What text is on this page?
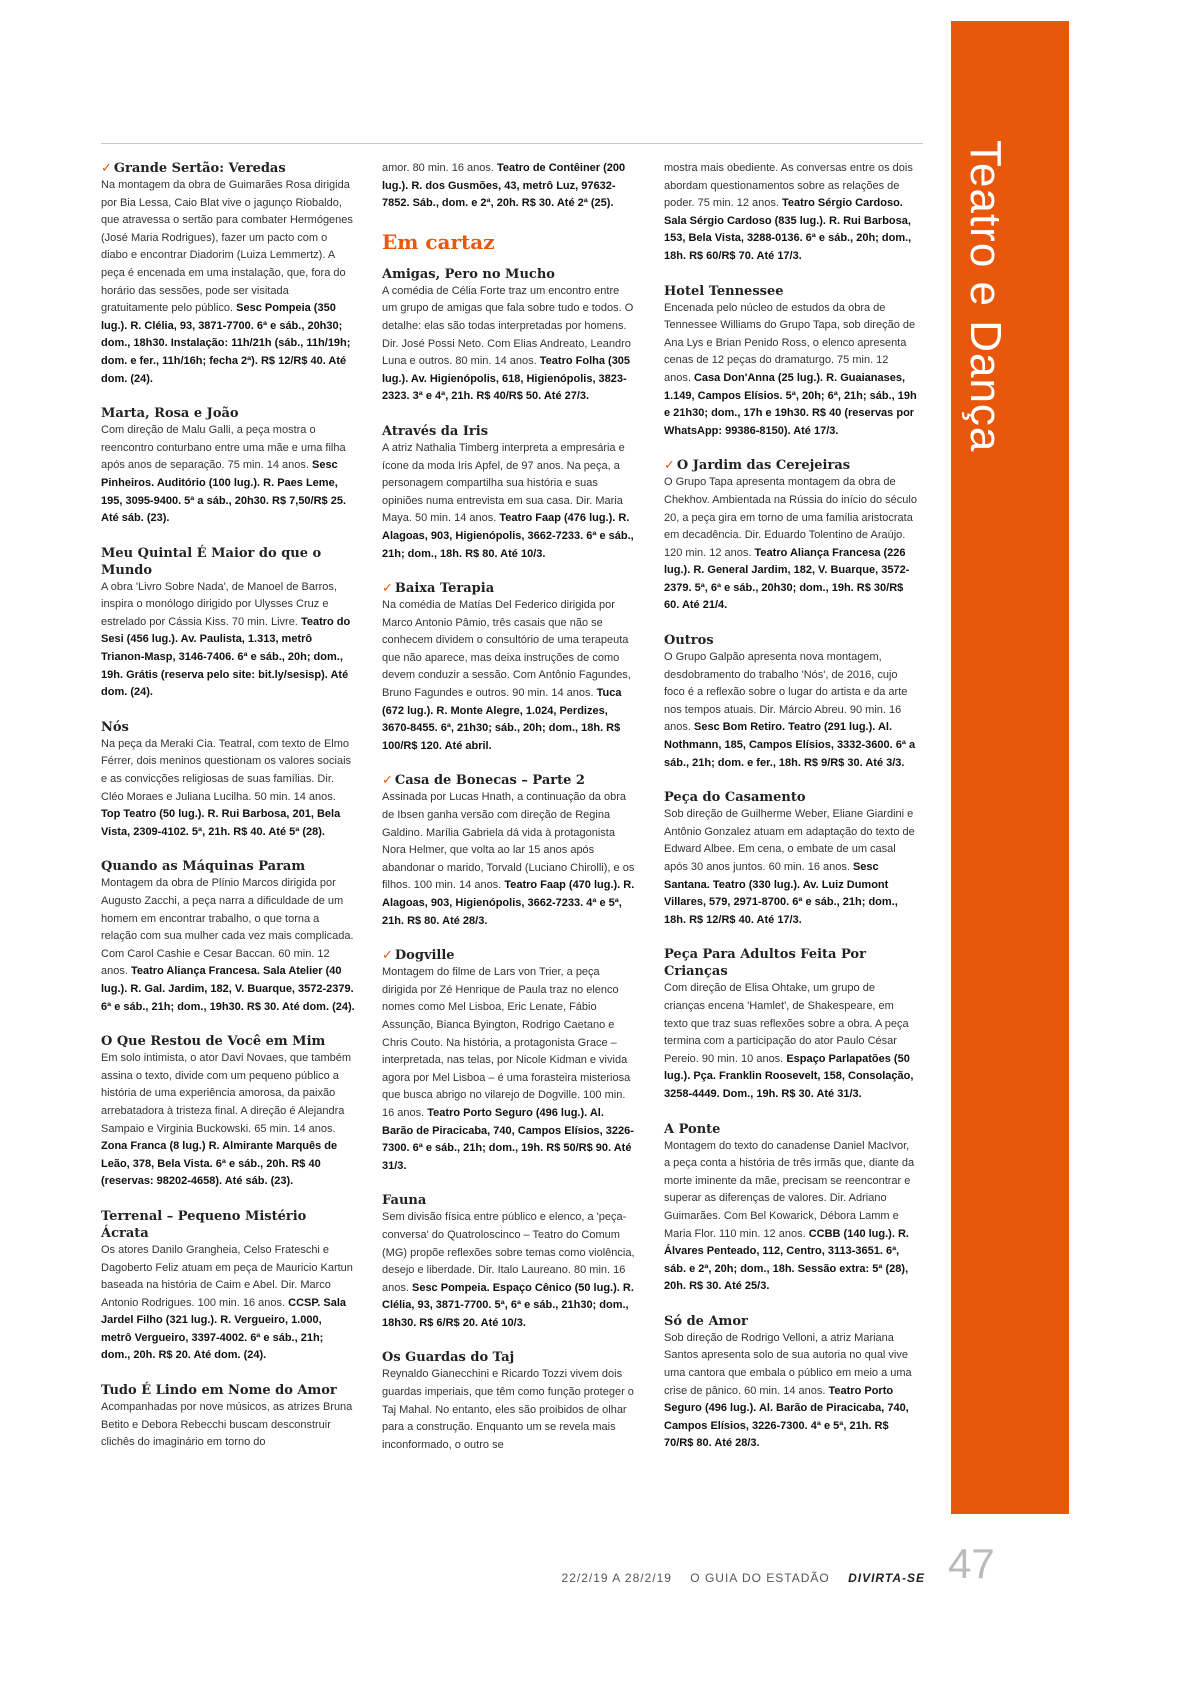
Teatro e Dança

✓ Grande Sertão: Veredas

Na montagem da obra de Guimarães Rosa dirigida por Bia Lessa, Caio Blat vive o jagunço Riobaldo, que atravessa o sertão para combater Hermógenes (José Maria Rodrigues), fazer um pacto com o diabo e encontrar Diadorim (Luiza Lemmertz). A peça é encenada em uma instalação, que, fora do horário das sessões, pode ser visitada gratuitamente pelo público. Sesc Pompeia (350 lug.). R. Clélia, 93, 3871-7700. 6ª e sáb., 20h30; dom., 18h30. Instalação: 11h/21h (sáb., 11h/19h; dom. e fer., 11h/16h; fecha 2ª). R$ 12/R$ 40. Até dom. (24).

Marta, Rosa e João

Com direção de Malu Galli, a peça mostra o reencontro conturbano entre uma mãe e uma filha após anos de separação. 75 min. 14 anos. Sesc Pinheiros. Auditório (100 lug.). R. Paes Leme, 195, 3095-9400. 5ª a sáb., 20h30. R$ 7,50/R$ 25. Até sáb. (23).

Meu Quintal É Maior do que o Mundo

A obra 'Livro Sobre Nada', de Manoel de Barros, inspira o monólogo dirigido por Ulysses Cruz e estrelado por Cássia Kiss. 70 min. Livre. Teatro do Sesi (456 lug.). Av. Paulista, 1.313, metrô Trianon-Masp, 3146-7406. 6ª e sáb., 20h; dom., 19h. Grátis (reserva pelo site: bit.ly/sesisp). Até dom. (24).

Nós

Na peça da Meraki Cia. Teatral, com texto de Elmo Férrer, dois meninos questionam os valores sociais e as convicções religiosas de suas famílias. Dir. Cléo Moraes e Juliana Lucilha. 50 min. 14 anos. Top Teatro (50 lug.). R. Rui Barbosa, 201, Bela Vista, 2309-4102. 5ª, 21h. R$ 40. Até 5ª (28).

Quando as Máquinas Param

Montagem da obra de Plínio Marcos dirigida por Augusto Zacchi, a peça narra a dificuldade de um homem em encontrar trabalho, o que torna a relação com sua mulher cada vez mais complicada. Com Carol Cashie e Cesar Baccan. 60 min. 12 anos. Teatro Aliança Francesa. Sala Atelier (40 lug.). R. Gal. Jardim, 182, V. Buarque, 3572-2379. 6ª e sáb., 21h; dom., 19h30. R$ 30. Até dom. (24).

O Que Restou de Você em Mim

Em solo intimista, o ator Davi Novaes, que também assina o texto, divide com um pequeno público a história de uma experiência amorosa, da paixão arrebatadora à tristeza final. A direção é Alejandra Sampaio e Virginia Buckowski. 65 min. 14 anos. Zona Franca (8 lug.) R. Almirante Marquês de Leão, 378, Bela Vista. 6ª e sáb., 20h. R$ 40 (reservas: 98202-4658). Até sáb. (23).

Terrenal – Pequeno Mistério Ácrata

Os atores Danilo Grangheia, Celso Frateschi e Dagoberto Feliz atuam em peça de Mauricio Kartun baseada na história de Caim e Abel. Dir. Marco Antonio Rodrigues. 100 min. 16 anos. CCSP. Sala Jardel Filho (321 lug.). R. Vergueiro, 1.000, metrô Vergueiro, 3397-4002. 6ª e sáb., 21h; dom., 20h. R$ 20. Até dom. (24).

Tudo É Lindo em Nome do Amor

Acompanhadas por nove músicos, as atrizes Bruna Betito e Debora Rebecchi buscam desconstruir clichês do imaginário em torno do

amor. 80 min. 16 anos. Teatro de Contêiner (200 lug.). R. dos Gusmões, 43, metrô Luz, 97632-7852. Sáb., dom. e 2ª, 20h. R$ 30. Até 2ª (25).

Em cartaz

Amigas, Pero no Mucho

A comédia de Célia Forte traz um encontro entre um grupo de amigas que fala sobre tudo e todos. O detalhe: elas são todas interpretadas por homens. Dir. José Possi Neto. Com Elias Andreato, Leandro Luna e outros. 80 min. 14 anos. Teatro Folha (305 lug.). Av. Higienópolis, 618, Higienópolis, 3823-2323. 3ª e 4ª, 21h. R$ 40/R$ 50. Até 27/3.

Através da Iris

A atriz Nathalia Timberg interpreta a empresária e ícone da moda Iris Apfel, de 97 anos. Na peça, a personagem compartilha sua história e suas opiniões numa entrevista em sua casa. Dir. Maria Maya. 50 min. 14 anos. Teatro Faap (476 lug.). R. Alagoas, 903, Higienópolis, 3662-7233. 6ª e sáb., 21h; dom., 18h. R$ 80. Até 10/3.

✓ Baixa Terapia

Na comédia de Matías Del Federico dirigida por Marco Antonio Pâmio, três casais que não se conhecem dividem o consultório de uma terapeuta que não aparece, mas deixa instruções de como devem conduzir a sessão. Com Antônio Fagundes, Bruno Fagundes e outros. 90 min. 14 anos. Tuca (672 lug.). R. Monte Alegre, 1.024, Perdizes, 3670-8455. 6ª, 21h30; sáb., 20h; dom., 18h. R$ 100/R$ 120. Até abril.

✓ Casa de Bonecas – Parte 2

Assinada por Lucas Hnath, a continuação da obra de Ibsen ganha versão com direção de Regina Galdino. Marília Gabriela dá vida à protagonista Nora Helmer, que volta ao lar 15 anos após abandonar o marido, Torvald (Luciano Chirolli), e os filhos. 100 min. 14 anos. Teatro Faap (470 lug.). R. Alagoas, 903, Higienópolis, 3662-7233. 4ª e 5ª, 21h. R$ 80. Até 28/3.

✓ Dogville

Montagem do filme de Lars von Trier, a peça dirigida por Zé Henrique de Paula traz no elenco nomes como Mel Lisboa, Eric Lenate, Fábio Assunção, Bianca Byington, Rodrigo Caetano e Chris Couto. Na história, a protagonista Grace – interpretada, nas telas, por Nicole Kidman e vivida agora por Mel Lisboa – é uma forasteira misteriosa que busca abrigo no vilarejo de Dogville. 100 min. 16 anos. Teatro Porto Seguro (496 lug.). Al. Barão de Piracicaba, 740, Campos Elísios, 3226-7300. 6ª e sáb., 21h; dom., 19h. R$ 50/R$ 90. Até 31/3.

Fauna

Sem divisão física entre público e elenco, a 'peça-conversa' do Quatroloscinco – Teatro do Comum (MG) propõe reflexões sobre temas como violência, desejo e liberdade. Dir. Italo Laureano. 80 min. 16 anos. Sesc Pompeia. Espaço Cênico (50 lug.). R. Clélia, 93, 3871-7700. 5ª, 6ª e sáb., 21h30; dom., 18h30. R$ 6/R$ 20. Até 10/3.

Os Guardas do Taj

Reynaldo Gianecchini e Ricardo Tozzi vivem dois guardas imperiais, que têm como função proteger o Taj Mahal. No entanto, eles são proibidos de olhar para a construção. Enquanto um se revela mais inconformado, o outro se

mostra mais obediente. As conversas entre os dois abordam questionamentos sobre as relações de poder. 75 min. 12 anos. Teatro Sérgio Cardoso. Sala Sérgio Cardoso (835 lug.). R. Rui Barbosa, 153, Bela Vista, 3288-0136. 6ª e sáb., 20h; dom., 18h. R$ 60/R$ 70. Até 17/3.

Hotel Tennessee

Encenada pelo núcleo de estudos da obra de Tennessee Williams do Grupo Tapa, sob direção de Ana Lys e Brian Penido Ross, o elenco apresenta cenas de 12 peças do dramaturgo. 75 min. 12 anos. Casa Don'Anna (25 lug.). R. Guaianases, 1.149, Campos Elísios. 5ª, 20h; 6ª, 21h; sáb., 19h e 21h30; dom., 17h e 19h30. R$ 40 (reservas por WhatsApp: 99386-8150). Até 17/3.

✓ O Jardim das Cerejeiras

O Grupo Tapa apresenta montagem da obra de Chekhov. Ambientada na Rússia do início do século 20, a peça gira em torno de uma família aristocrata em decadência. Dir. Eduardo Tolentino de Araújo. 120 min. 12 anos. Teatro Aliança Francesa (226 lug.). R. General Jardim, 182, V. Buarque, 3572-2379. 5ª, 6ª e sáb., 20h30; dom., 19h. R$ 30/R$ 60. Até 21/4.

Outros

O Grupo Galpão apresenta nova montagem, desdobramento do trabalho 'Nós', de 2016, cujo foco é a reflexão sobre o lugar do artista e da arte nos tempos atuais. Dir. Márcio Abreu. 90 min. 16 anos. Sesc Bom Retiro. Teatro (291 lug.). Al. Nothmann, 185, Campos Elísios, 3332-3600. 6ª a sáb., 21h; dom. e fer., 18h. R$ 9/R$ 30. Até 3/3.

Peça do Casamento

Sob direção de Guilherme Weber, Eliane Giardini e Antônio Gonzalez atuam em adaptação do texto de Edward Albee. Em cena, o embate de um casal após 30 anos juntos. 60 min. 16 anos. Sesc Santana. Teatro (330 lug.). Av. Luiz Dumont Villares, 579, 2971-8700. 6ª e sáb., 21h; dom., 18h. R$ 12/R$ 40. Até 17/3.

Peça Para Adultos Feita Por Crianças

Com direção de Elisa Ohtake, um grupo de crianças encena 'Hamlet', de Shakespeare, em texto que traz suas reflexões sobre a obra. A peça termina com a participação do ator Paulo César Pereio. 90 min. 10 anos. Espaço Parlapatões (50 lug.). Pça. Franklin Roosevelt, 158, Consolação, 3258-4449. Dom., 19h. R$ 30. Até 31/3.

A Ponte

Montagem do texto do canadense Daniel MacIvor, a peça conta a história de três irmãs que, diante da morte iminente da mãe, precisam se reencontrar e superar as diferenças de valores. Dir. Adriano Guimarães. Com Bel Kowarick, Débora Lamm e Maria Flor. 110 min. 12 anos. CCBB (140 lug.). R. Álvares Penteado, 112, Centro, 3113-3651. 6ª, sáb. e 2ª, 20h; dom., 18h. Sessão extra: 5ª (28), 20h. R$ 30. Até 25/3.

Só de Amor

Sob direção de Rodrigo Velloni, a atriz Mariana Santos apresenta solo de sua autoria no qual vive uma cantora que embala o público em meio a uma crise de pânico. 60 min. 14 anos. Teatro Porto Seguro (496 lug.). Al. Barão de Piracicaba, 740, Campos Elísios, 3226-7300. 4ª e 5ª, 21h. R$ 70/R$ 80. Até 28/3.

22/2/19 A 28/2/19 O GUIA DO ESTADÃO DIVIRTA-SE 47
